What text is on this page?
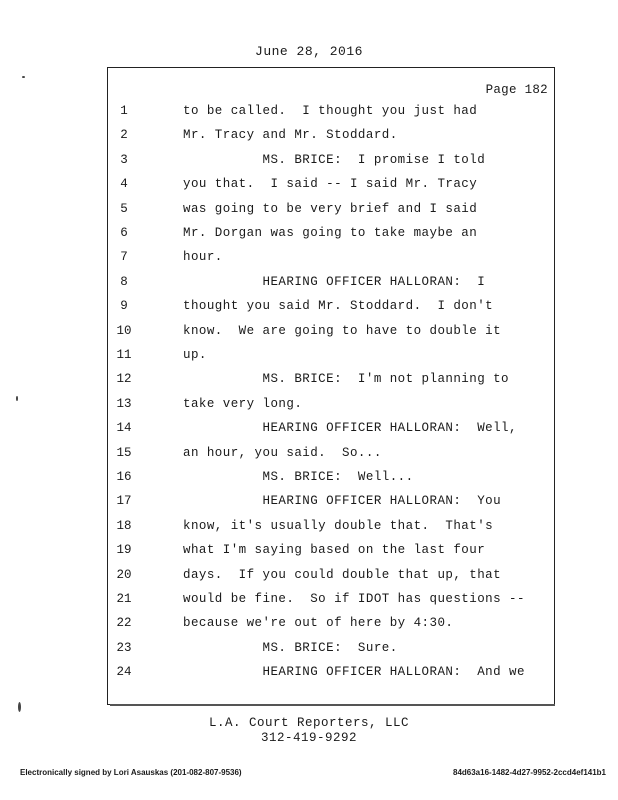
June 28, 2016
Page 182
1	to be called.  I thought you just had
2	Mr. Tracy and Mr. Stoddard.
3	MS. BRICE:  I promise I told
4	you that.  I said -- I said Mr. Tracy
5	was going to be very brief and I said
6	Mr. Dorgan was going to take maybe an
7	hour.
8	HEARING OFFICER HALLORAN:  I
9	thought you said Mr. Stoddard.  I don't
10	know.  We are going to have to double it
11	up.
12	MS. BRICE:  I'm not planning to
13	take very long.
14	HEARING OFFICER HALLORAN:  Well,
15	an hour, you said.  So...
16	MS. BRICE:  Well...
17	HEARING OFFICER HALLORAN:  You
18	know, it's usually double that.  That's
19	what I'm saying based on the last four
20	days.  If you could double that up, that
21	would be fine.  So if IDOT has questions --
22	because we're out of here by 4:30.
23	MS. BRICE:  Sure.
24	HEARING OFFICER HALLORAN:  And we
L.A. Court Reporters, LLC
312-419-9292
Electronically signed by Lori Asauskas (201-082-807-9536)	84d63a16-1482-4d27-9952-2ccd4ef141b1
